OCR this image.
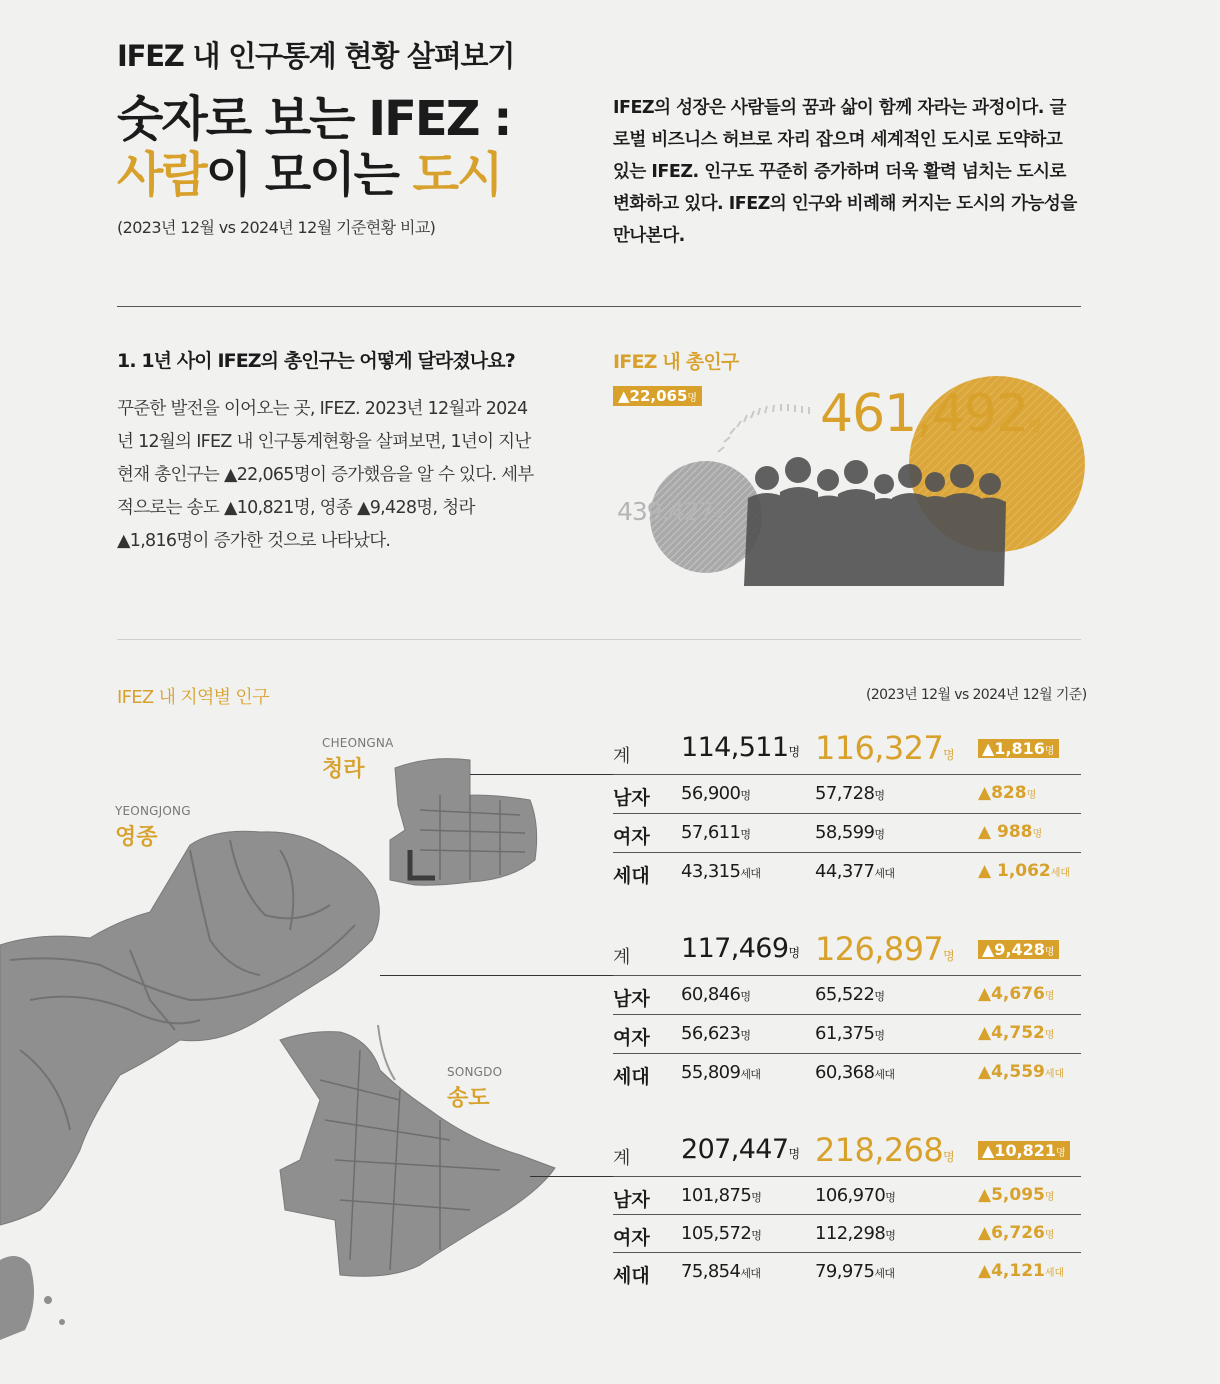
IFEZ 내 인구통계 현황 살펴보기
숫자로 보는 IFEZ :
사람이 모이는 도시
(2023년 12월 vs 2024년 12월 기준현황 비교)
IFEZ의 성장은 사람들의 꿈과 삶이 함께 자라는 과정이다. 글로벌 비즈니스 허브로 자리 잡으며 세계적인 도시로 도약하고 있는 IFEZ. 인구도 꾸준히 증가하며 더욱 활력 넘치는 도시로 변화하고 있다. IFEZ의 인구와 비례해 커지는 도시의 가능성을 만나본다.
1. 1년 사이 IFEZ의 총인구는 어떻게 달라졌나요?
꾸준한 발전을 이어오는 곳, IFEZ. 2023년 12월과 2024년 12월의 IFEZ 내 인구통계현황을 살펴보면, 1년이 지난 현재 총인구는 ▲22,065명이 증가했음을 알 수 있다. 세부적으로는 송도 ▲10,821명, 영종 ▲9,428명, 청라 ▲1,816명이 증가한 것으로 나타났다.
IFEZ 내 총인구
▲22,065명 461,492명
439,427명
IFEZ 내 지역별 인구	(2023년 12월 vs 2024년 12월 기준)
CHEONGNA
청라
YEONGJONG
영종
SONGDO
송도
계 114,511명 116,327명 ▲1,816명
남자 56,900명	57,728명	▲828명
여자 57,611명	58,599명	▲ 988명
세대 43,315세대	44,377세대	▲ 1,062세대
계 117,469명 126,897명 ▲9,428명
남자 60,846명	65,522명	▲4,676명
여자 56,623명	61,375명	▲4,752명
세대 55,809세대	60,368세대	▲4,559세대
계 207,447명 218,268명 ▲10,821명
남자 101,875명	106,970명	▲5,095명
여자 105,572명	112,298명	▲6,726명
세대 75,854세대	79,975세대	▲4,121세대
